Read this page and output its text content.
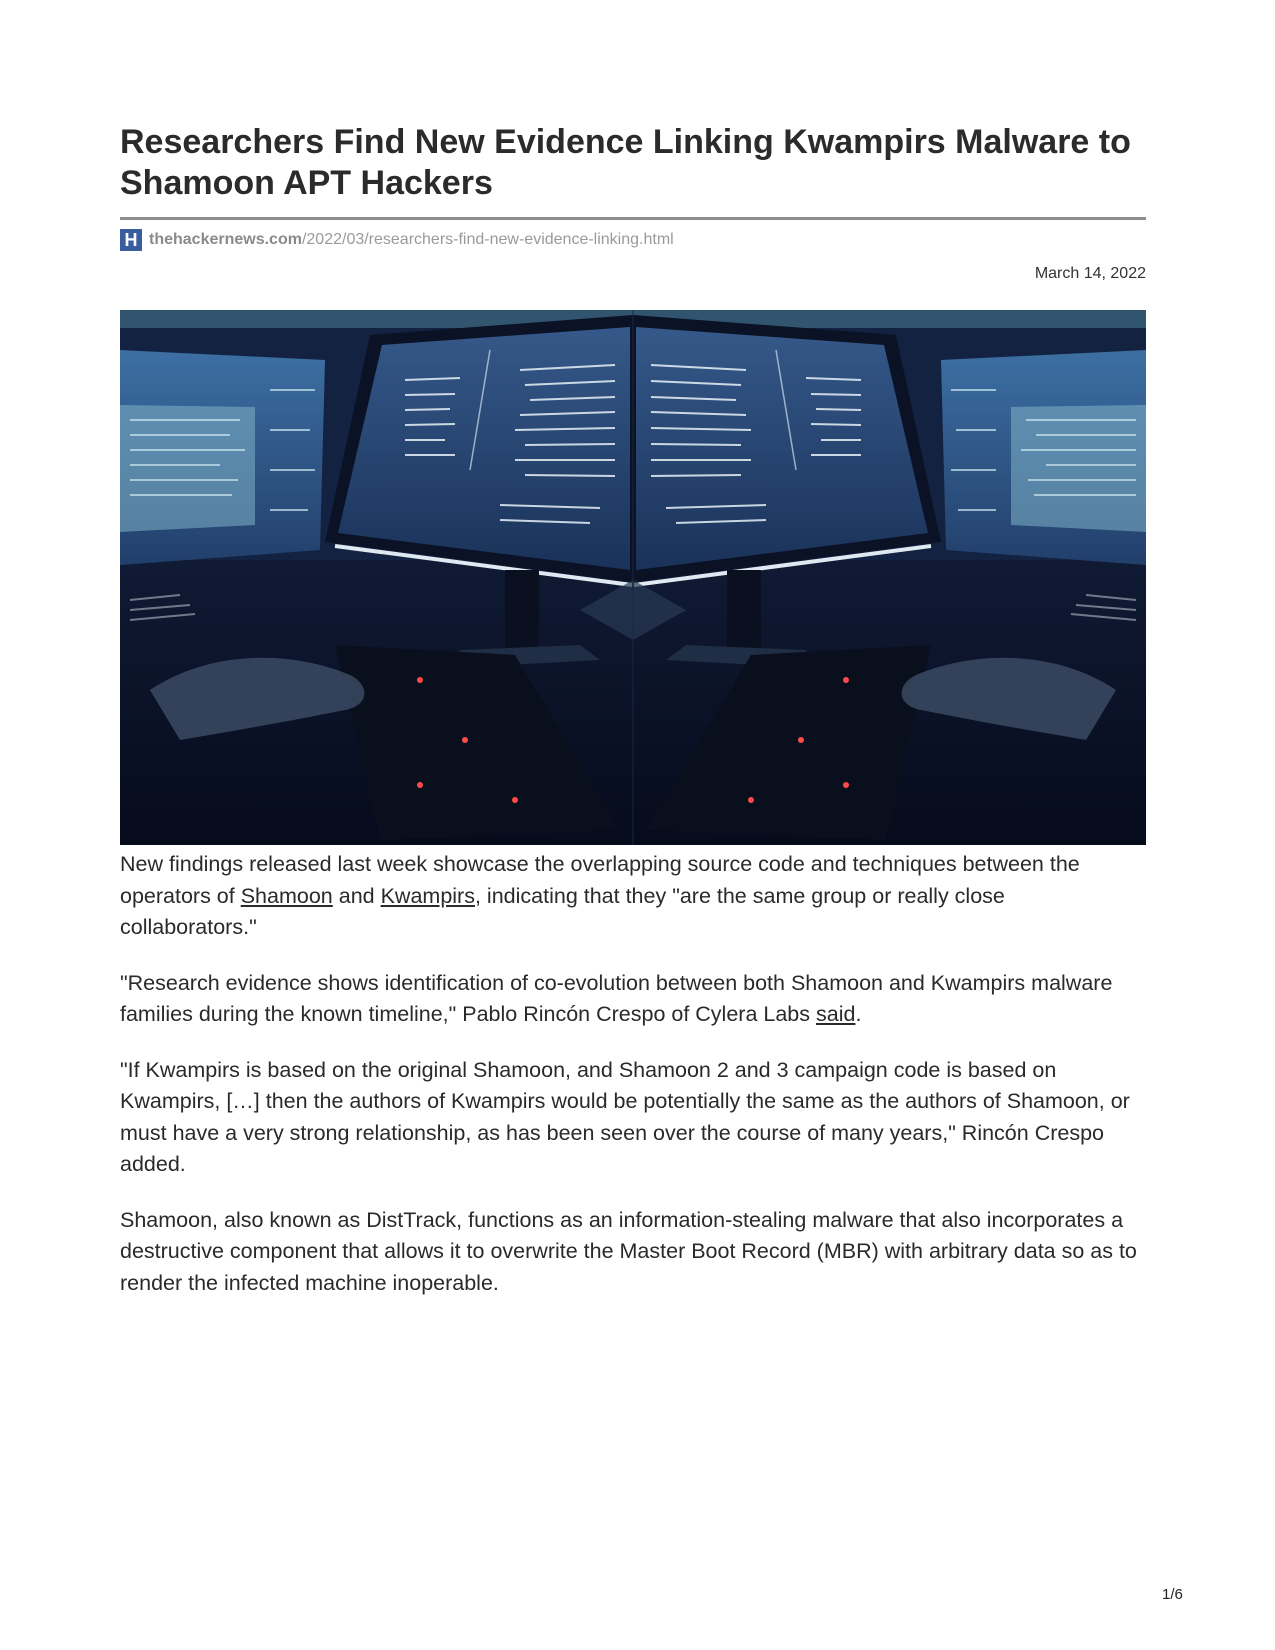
Researchers Find New Evidence Linking Kwampirs Malware to Shamoon APT Hackers
H thehackernews.com/2022/03/researchers-find-new-evidence-linking.html
March 14, 2022

New findings released last week showcase the overlapping source code and techniques between the operators of Shamoon and Kwampirs, indicating that they "are the same group or really close collaborators."

"Research evidence shows identification of co-evolution between both Shamoon and Kwampirs malware families during the known timeline," Pablo Rincón Crespo of Cylera Labs said.

"If Kwampirs is based on the original Shamoon, and Shamoon 2 and 3 campaign code is based on Kwampirs, […] then the authors of Kwampirs would be potentially the same as the authors of Shamoon, or must have a very strong relationship, as has been seen over the course of many years," Rincón Crespo added.

Shamoon, also known as DistTrack, functions as an information-stealing malware that also incorporates a destructive component that allows it to overwrite the Master Boot Record (MBR) with arbitrary data so as to render the infected machine inoperable.

1/6
